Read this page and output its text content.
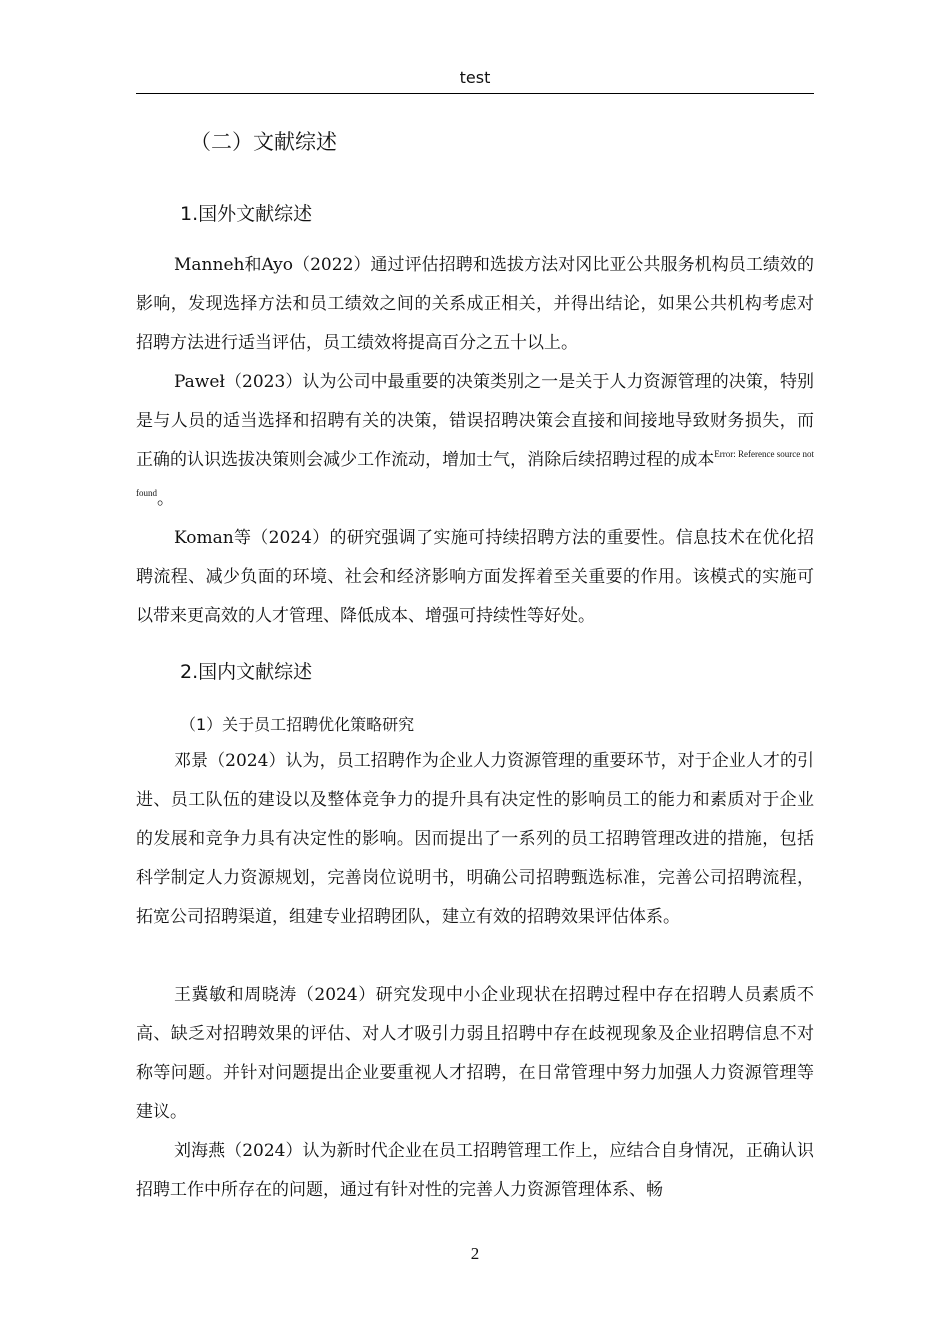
test
（二）文献综述
1.国外文献综述

Manneh和Ayo（2022）通过评估招聘和选拔方法对冈比亚公共服务机构员工绩效的影响，发现选择方法和员工绩效之间的关系成正相关，并得出结论，如果公共机构考虑对招聘方法进行适当评估，员工绩效将提高百分之五十以上。

Paweł（2023）认为公司中最重要的决策类别之一是关于人力资源管理的决策，特别是与人员的适当选择和招聘有关的决策，错误招聘决策会直接和间接地导致财务损失，而正确的认识选拔决策则会减少工作流动，增加士气，消除后续招聘过程的成本$^{Error: Reference source not found}$。

Koman等（2024）的研究强调了实施可持续招聘方法的重要性。信息技术在优化招聘流程、减少负面的环境、社会和经济影响方面发挥着至关重要的作用。该模式的实施可以带来更高效的人才管理、降低成本、增强可持续性等好处。

2.国内文献综述
（1）关于员工招聘优化策略研究

邓景（2024）认为，员工招聘作为企业人力资源管理的重要环节，对于企业人才的引进、员工队伍的建设以及整体竞争力的提升具有决定性的影响员工的能力和素质对于企业的发展和竞争力具有决定性的影响。因而提出了一系列的员工招聘管理改进的措施，包括科学制定人力资源规划，完善岗位说明书，明确公司招聘甄选标准，完善公司招聘流程，拓宽公司招聘渠道，组建专业招聘团队，建立有效的招聘效果评估体系。

王冀敏和周晓涛（2024）研究发现中小企业现状在招聘过程中存在招聘人员素质不高、缺乏对招聘效果的评估、对人才吸引力弱且招聘中存在歧视现象及企业招聘信息不对称等问题。并针对问题提出企业要重视人才招聘，在日常管理中努力加强人力资源管理等建议。

刘海燕（2024）认为新时代企业在员工招聘管理工作上，应结合自身情况，正确认识招聘工作中所存在的问题，通过有针对性的完善人力资源管理体系、畅

2
